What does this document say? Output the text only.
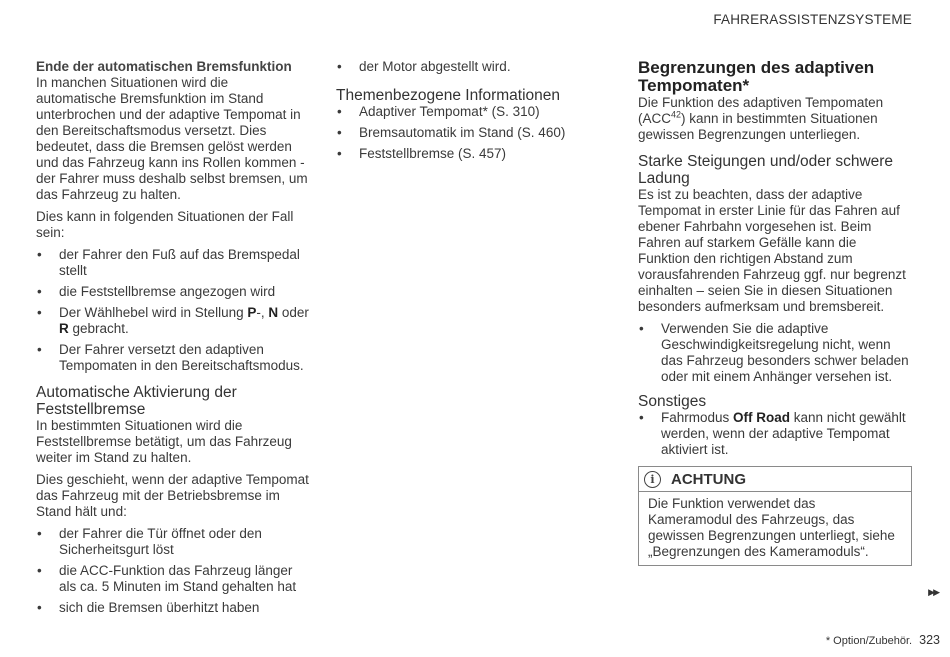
FAHRERASSISTENZSYSTEME

Ende der automatischen Bremsfunktion

In manchen Situationen wird die automatische Bremsfunktion im Stand unterbrochen und der adaptive Tempomat in den Bereitschaftsmodus versetzt. Dies bedeutet, dass die Bremsen gelöst werden und das Fahrzeug kann ins Rollen kommen - der Fahrer muss deshalb selbst bremsen, um das Fahrzeug zu halten.

Dies kann in folgenden Situationen der Fall sein:

• der Fahrer den Fuß auf das Bremspedal stellt
• die Feststellbremse angezogen wird
• Der Wählhebel wird in Stellung P-, N oder R gebracht.
• Der Fahrer versetzt den adaptiven Tempomaten in den Bereitschaftsmodus.
Automatische Aktivierung der Feststellbremse

In bestimmten Situationen wird die Feststellbremse betätigt, um das Fahrzeug weiter im Stand zu halten.

Dies geschieht, wenn der adaptive Tempomat das Fahrzeug mit der Betriebsbremse im Stand hält und:

• der Fahrer die Tür öffnet oder den Sicherheitsgurt löst
• die ACC-Funktion das Fahrzeug länger als ca. 5 Minuten im Stand gehalten hat
• sich die Bremsen überhitzt haben
• der Motor abgestellt wird.
Themenbezogene Informationen
• Adaptiver Tempomat* (S. 310)
• Bremsautomatik im Stand (S. 460)
• Feststellbremse (S. 457)
Begrenzungen des adaptiven Tempomaten*

Die Funktion des adaptiven Tempomaten (ACC$^{42}$) kann in bestimmten Situationen gewissen Begrenzungen unterliegen.

Starke Steigungen und/oder schwere Ladung

Es ist zu beachten, dass der adaptive Tempomat in erster Linie für das Fahren auf ebener Fahrbahn vorgesehen ist. Beim Fahren auf starkem Gefälle kann die Funktion den richtigen Abstand zum vorausfahrenden Fahrzeug ggf. nur begrenzt einhalten – seien Sie in diesen Situationen besonders aufmerksam und bremsbereit.

• Verwenden Sie die adaptive Geschwindigkeitsregelung nicht, wenn das Fahrzeug besonders schwer beladen oder mit einem Anhänger versehen ist.
Sonstiges
• Fahrmodus Off Road kann nicht gewählt werden, wenn der adaptive Tempomat aktiviert ist.
i	ACHTUNG
Die Funktion verwendet das Kameramodul des Fahrzeugs, das gewissen Begrenzungen unterliegt, siehe „Begrenzungen des Kameramoduls“.
▶▶
* Option/Zubehör. 323
